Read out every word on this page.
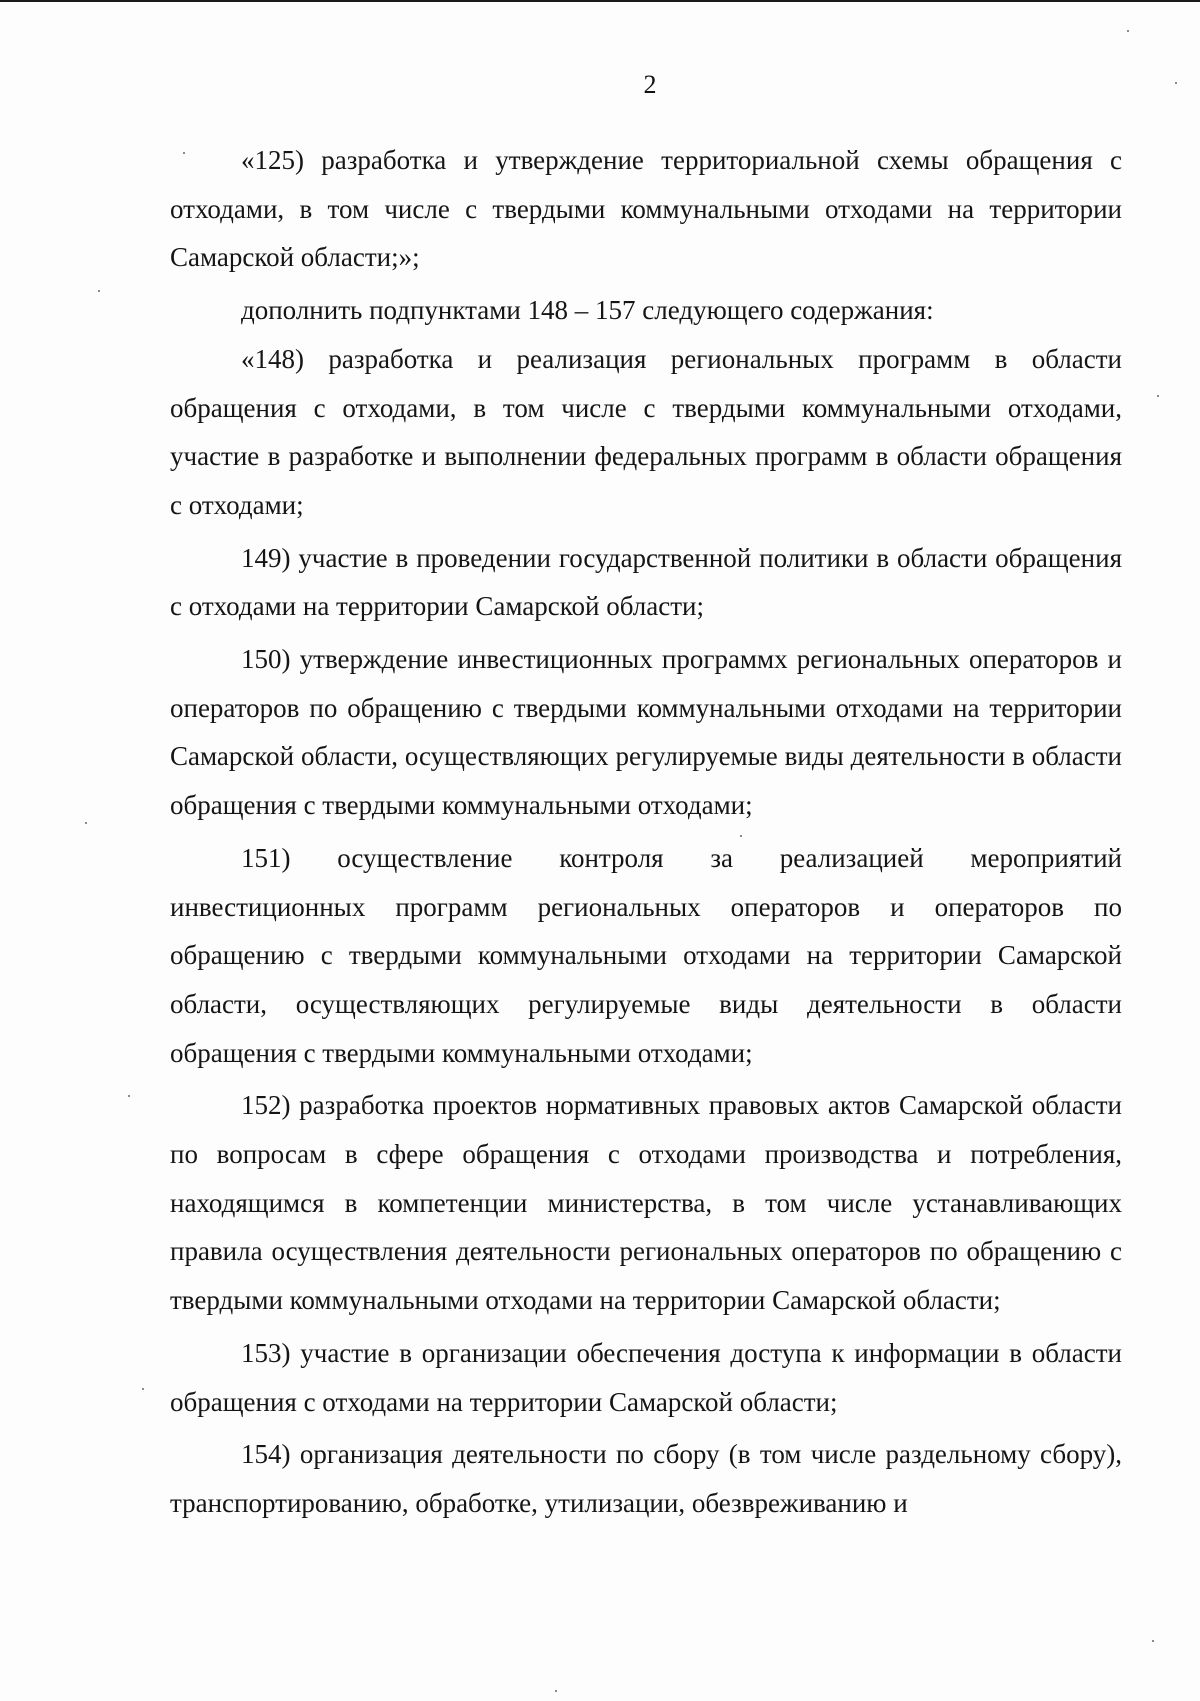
2

«125) разработка и утверждение территориальной схемы обращения с отходами, в том числе с твердыми коммунальными отходами на территории Самарской области;»;

дополнить подпунктами 148 – 157 следующего содержания:

«148) разработка и реализация региональных программ в области обращения с отходами, в том числе с твердыми коммунальными отходами, участие в разработке и выполнении федеральных программ в области обращения с отходами;

149) участие в проведении государственной политики в области обращения с отходами на территории Самарской области;

150) утверждение инвестиционных программх региональных операторов и операторов по обращению с твердыми коммунальными отходами на территории Самарской области, осуществляющих регулируемые виды деятельности в области обращения с твердыми коммунальными отходами;

151) осуществление контроля за реализацией мероприятий инвестиционных программ региональных операторов и операторов по обращению с твердыми коммунальными отходами на территории Самарской области, осуществляющих регулируемые виды деятельности в области обращения с твердыми коммунальными отходами;

152) разработка проектов нормативных правовых актов Самарской области по вопросам в сфере обращения с отходами производства и потребления, находящимся в компетенции министерства, в том числе устанавливающих правила осуществления деятельности региональных операторов по обращению с твердыми коммунальными отходами на территории Самарской области;

153) участие в организации обеспечения доступа к информации в области обращения с отходами на территории Самарской области;

154) организация деятельности по сбору (в том числе раздельному сбору), транспортированию, обработке, утилизации, обезвреживанию и
